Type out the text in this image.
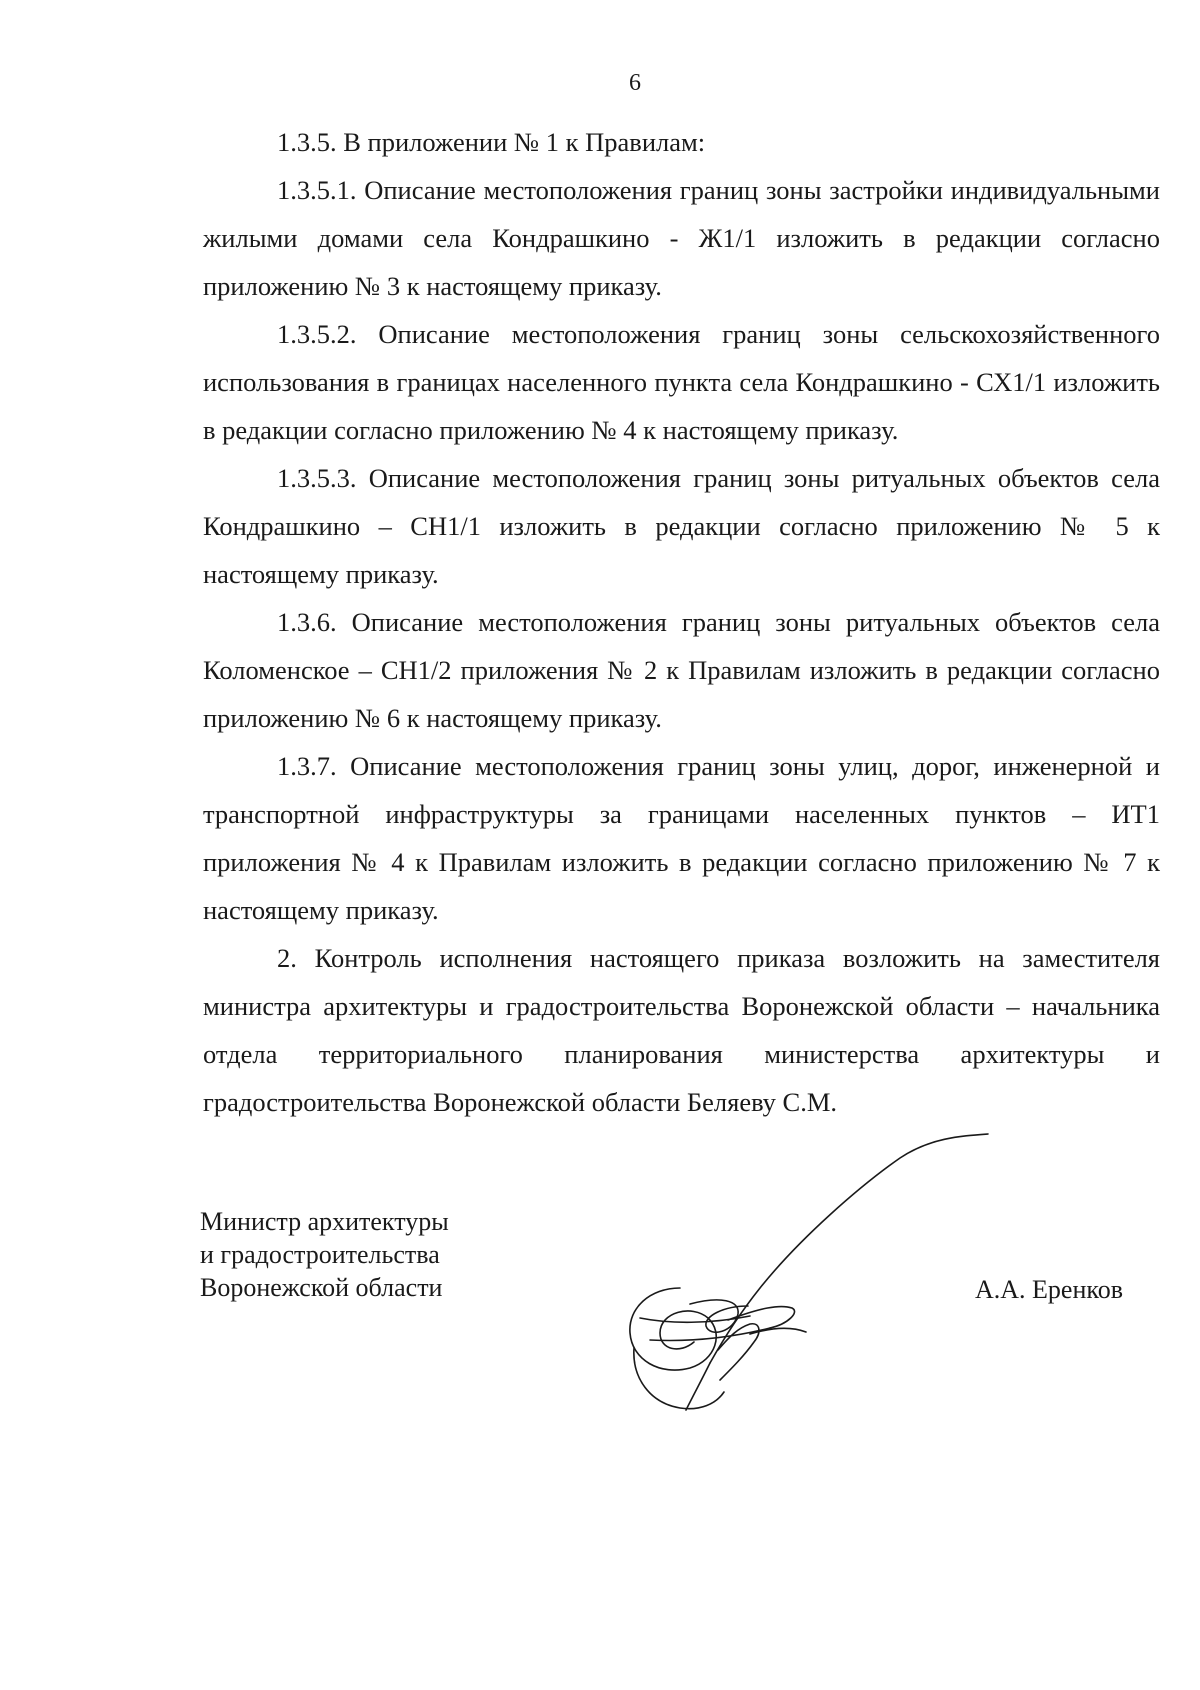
6

1.3.5. В приложении № 1 к Правилам:

1.3.5.1. Описание местоположения границ зоны застройки индивидуальными жилыми домами села Кондрашкино - Ж1/1 изложить в редакции согласно приложению № 3 к настоящему приказу.

1.3.5.2. Описание местоположения границ зоны сельскохозяйственного использования в границах населенного пункта села Кондрашкино - СХ1/1 изложить в редакции согласно приложению № 4 к настоящему приказу.

1.3.5.3. Описание местоположения границ зоны ритуальных объектов села Кондрашкино – СН1/1 изложить в редакции согласно приложению № 5 к настоящему приказу.

1.3.6. Описание местоположения границ зоны ритуальных объектов села Коломенское – СН1/2 приложения № 2 к Правилам изложить в редакции согласно приложению № 6 к настоящему приказу.

1.3.7. Описание местоположения границ зоны улиц, дорог, инженерной и транспортной инфраструктуры за границами населенных пунктов – ИТ1 приложения № 4 к Правилам изложить в редакции согласно приложению № 7 к настоящему приказу.

2. Контроль исполнения настоящего приказа возложить на заместителя министра архитектуры и градостроительства Воронежской области – начальника отдела территориального планирования министерства архитектуры и градостроительства Воронежской области Беляеву С.М.

Министр архитектуры
и градостроительства
Воронежской области	А.А. Еренков
